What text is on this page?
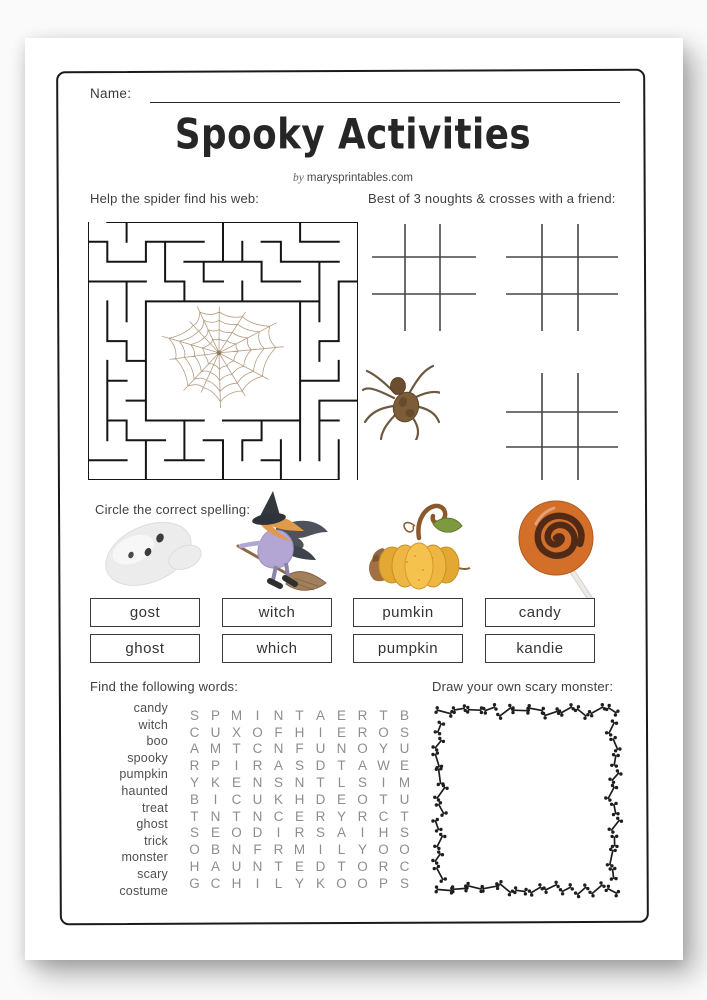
Name:
Spooky Activities
by marysprintables.com
Help the spider find his web:	Best of 3 noughts & crosses with a friend:
Circle the correct spelling:
gost
ghost
witch
which
pumkin
pumpkin
candy
kandie
Find the following words:	Draw your own scary monster:
candy
witch
boo
spooky
pumpkin
haunted
treat
ghost
trick
monster
scary
costume
S P M I	N T A E R T B
C U X O F H	I	E R O S
A M T C N F U N O Y U
R P	I	R A S D T A W E
Y K E N S N T L S	I	M
B	I	C U K H D E O T U
T N T N C E R Y R C T
S E O D	I	R S A	I	H S
O B N F R M I	L Y O O
H A U N T E D T O R C
G C H	I	L Y K O O P S
